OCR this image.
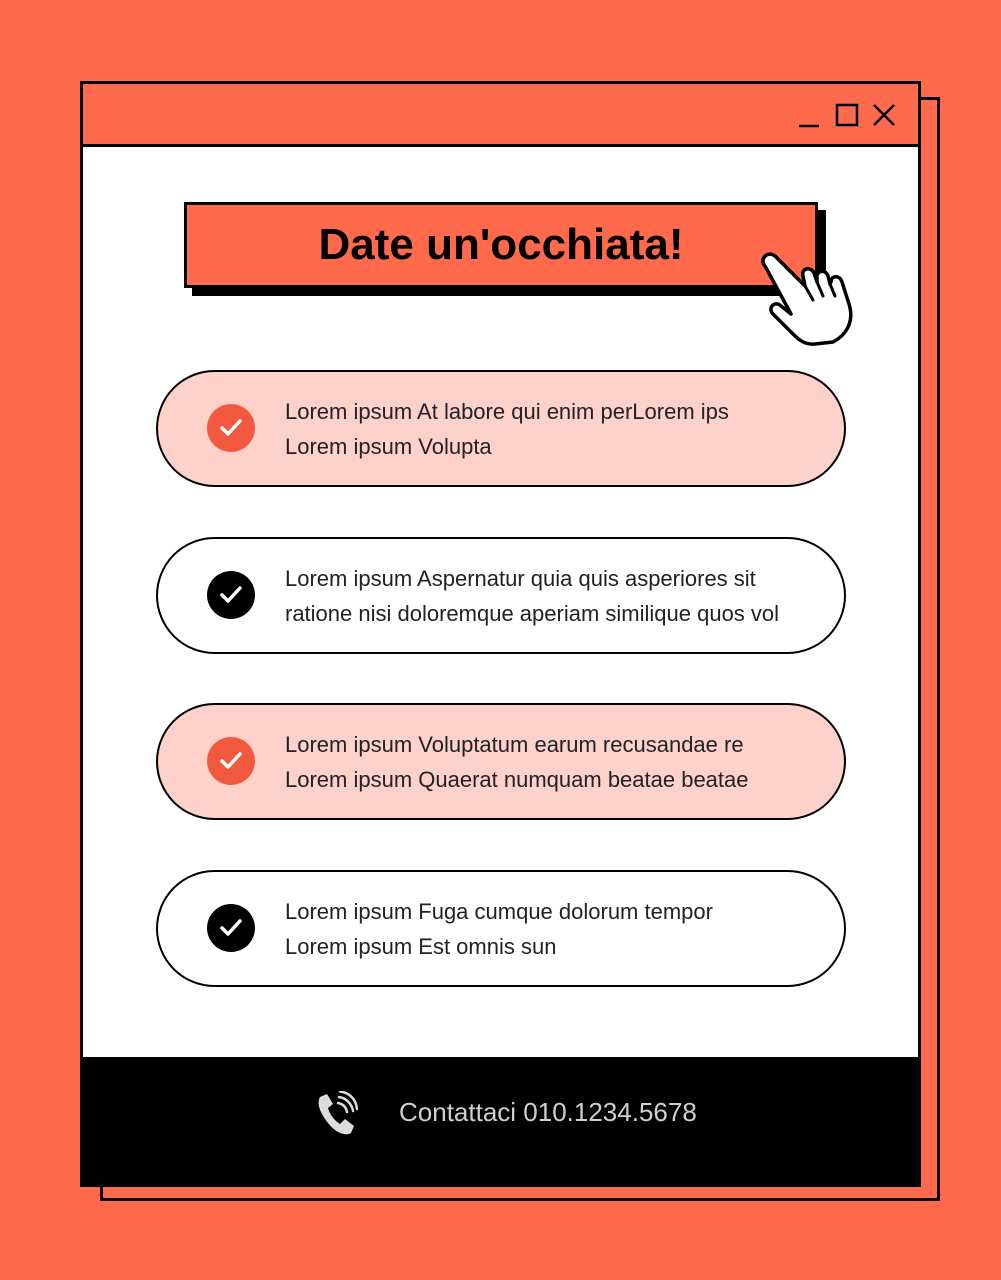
Date un'occhiata!
Lorem ipsum At labore qui enim perLorem ips
Lorem ipsum Volupta
Lorem ipsum Aspernatur quia quis asperiores sit
ratione nisi doloremque aperiam similique quos vol
Lorem ipsum Voluptatum earum recusandae re
Lorem ipsum Quaerat numquam beatae beatae
Lorem ipsum Fuga cumque dolorum tempor
Lorem ipsum Est omnis sun
Contattaci 010.1234.5678
